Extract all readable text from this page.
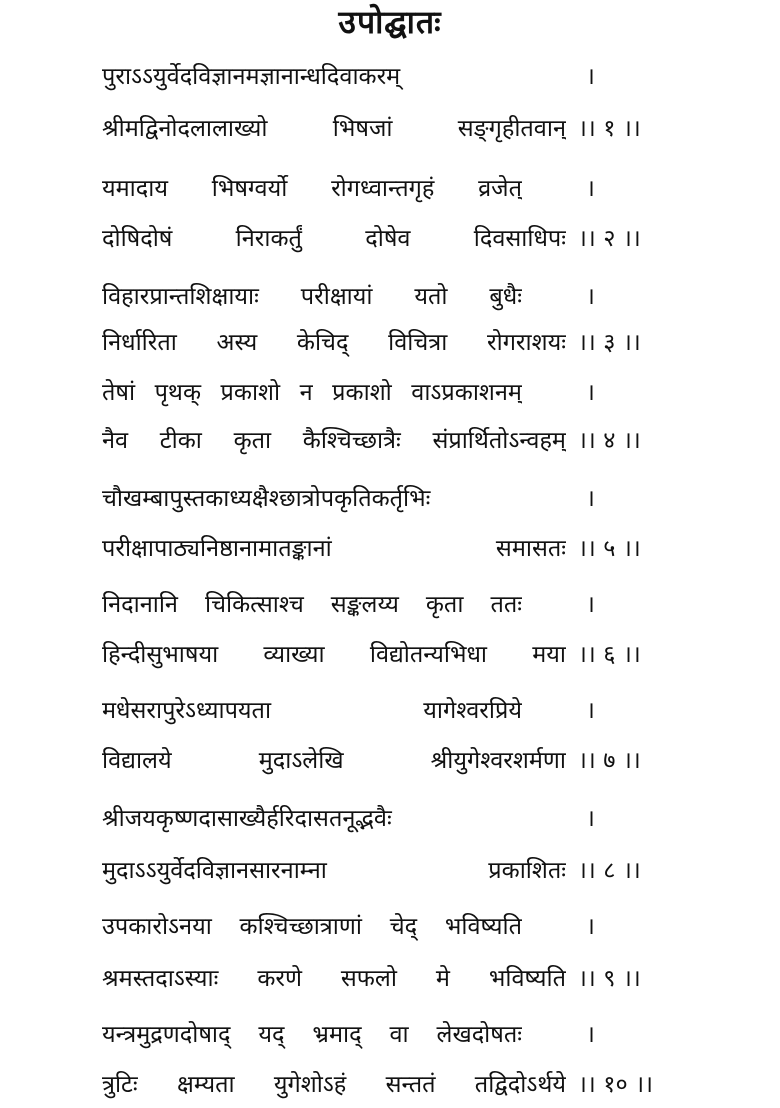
उपोद्घातः
पुराऽऽयुर्वेदविज्ञानमज्ञानान्धदिवाकरम्	।
श्रीमद्विनोदलालाख्यो भिषजां सङ्गृहीतवान् ।। १ ।।
यमादाय भिषग्वर्यो रोगध्वान्तगृहं व्रजेत्	।
दोषिदोषं निराकर्तुं दोषेव दिवसाधिपः ।। २ ।।
विहारप्रान्तशिक्षायाः परीक्षायां यतो बुधैः	।
निर्धारिता अस्य केचिद् विचित्रा रोगराशयः ।। ३ ।।
तेषां पृथक् प्रकाशो न प्रकाशो वाऽप्रकाशनम्	।
नैव टीका कृता कैश्चिच्छात्रैः संप्रार्थितोऽन्वहम् ।। ४ ।।
चौखम्बापुस्तकाध्यक्षैश्छात्रोपकृतिकर्तृभिः	।
परीक्षापाठ्यनिष्ठानामातङ्कानां समासतः ।। ५ ।।
निदानानि चिकित्साश्च सङ्कलय्य कृता ततः	।
हिन्दीसुभाषया व्याख्या विद्योतन्यभिधा मया ।। ६ ।।
मधेसरापुरेऽध्यापयता यागेश्वरप्रिये	।
विद्यालये मुदाऽलेखि श्रीयुगेश्वरशर्मणा ।। ७ ।।
श्रीजयकृष्णदासाख्यैर्हरिदासतनूद्भवैः	।
मुदाऽऽयुर्वेदविज्ञानसारनाम्ना प्रकाशितः ।। ८ ।।
उपकारोऽनया कश्चिच्छात्राणां चेद् भविष्यति	।
श्रमस्तदाऽस्याः करणे सफलो मे भविष्यति ।। ९ ।।
यन्त्रमुद्रणदोषाद् यद् भ्रमाद् वा लेखदोषतः	।
त्रुटिः क्षम्यता युगेशोऽहं सन्ततं तद्विदोऽर्थये ।। १० ।।
